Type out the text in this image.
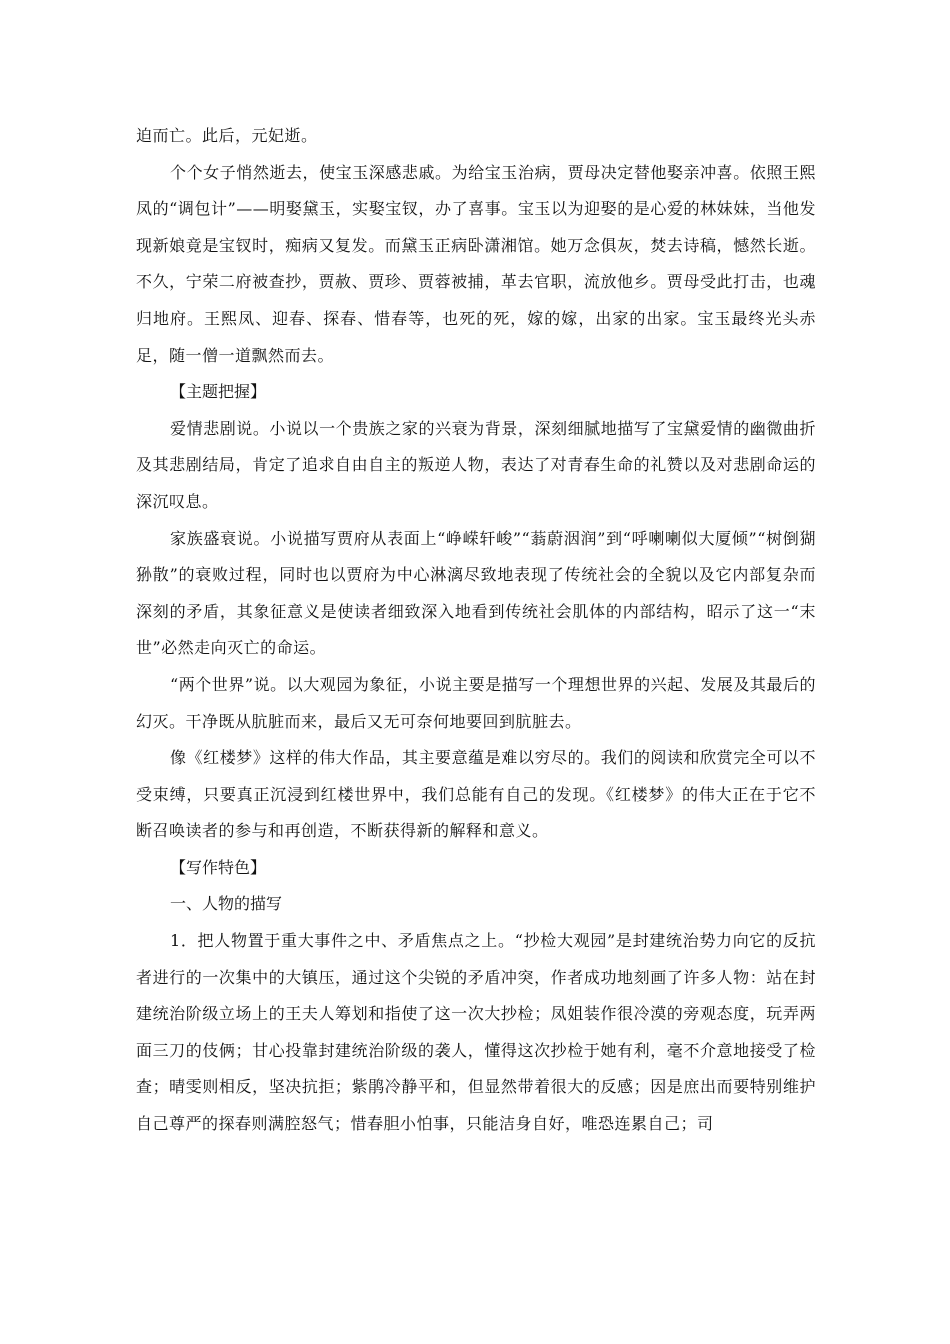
迫而亡。此后，元妃逝。

个个女子悄然逝去，使宝玉深感悲戚。为给宝玉治病，贾母决定替他娶亲冲喜。依照王熙凤的“调包计”——明娶黛玉，实娶宝钗，办了喜事。宝玉以为迎娶的是心爱的林妹妹，当他发现新娘竟是宝钗时，痴病又复发。而黛玉正病卧潇湘馆。她万念俱灰，焚去诗稿，憾然长逝。不久，宁荣二府被查抄，贾赦、贾珍、贾蓉被捕，革去官职，流放他乡。贾母受此打击，也魂归地府。王熙凤、迎春、探春、惜春等，也死的死，嫁的嫁，出家的出家。宝玉最终光头赤足，随一僧一道飘然而去。

【主题把握】

爱情悲剧说。小说以一个贵族之家的兴衰为背景，深刻细腻地描写了宝黛爱情的幽微曲折及其悲剧结局，肯定了追求自由自主的叛逆人物，表达了对青春生命的礼赞以及对悲剧命运的深沉叹息。

家族盛衰说。小说描写贾府从表面上“峥嵘轩峻”“蓊蔚洇润”到“呼喇喇似大厦倾”“树倒猢狲散”的衰败过程，同时也以贾府为中心淋漓尽致地表现了传统社会的全貌以及它内部复杂而深刻的矛盾，其象征意义是使读者细致深入地看到传统社会肌体的内部结构，昭示了这一“末世”必然走向灭亡的命运。

“两个世界”说。以大观园为象征，小说主要是描写一个理想世界的兴起、发展及其最后的幻灭。干净既从肮脏而来，最后又无可奈何地要回到肮脏去。

像《红楼梦》这样的伟大作品，其主要意蕴是难以穷尽的。我们的阅读和欣赏完全可以不受束缚，只要真正沉浸到红楼世界中，我们总能有自己的发现。《红楼梦》的伟大正在于它不断召唤读者的参与和再创造，不断获得新的解释和意义。

【写作特色】

一、人物的描写

1．把人物置于重大事件之中、矛盾焦点之上。“抄检大观园”是封建统治势力向它的反抗者进行的一次集中的大镇压，通过这个尖锐的矛盾冲突，作者成功地刻画了许多人物：站在封建统治阶级立场上的王夫人筹划和指使了这一次大抄检；凤姐装作很冷漠的旁观态度，玩弄两面三刀的伎俩；甘心投靠封建统治阶级的袭人，懂得这次抄检于她有利，毫不介意地接受了检查；晴雯则相反，坚决抗拒；紫鹃冷静平和，但显然带着很大的反感；因是庶出而要特别维护自己尊严的探春则满腔怒气；惜春胆小怕事，只能洁身自好，唯恐连累自己；司
